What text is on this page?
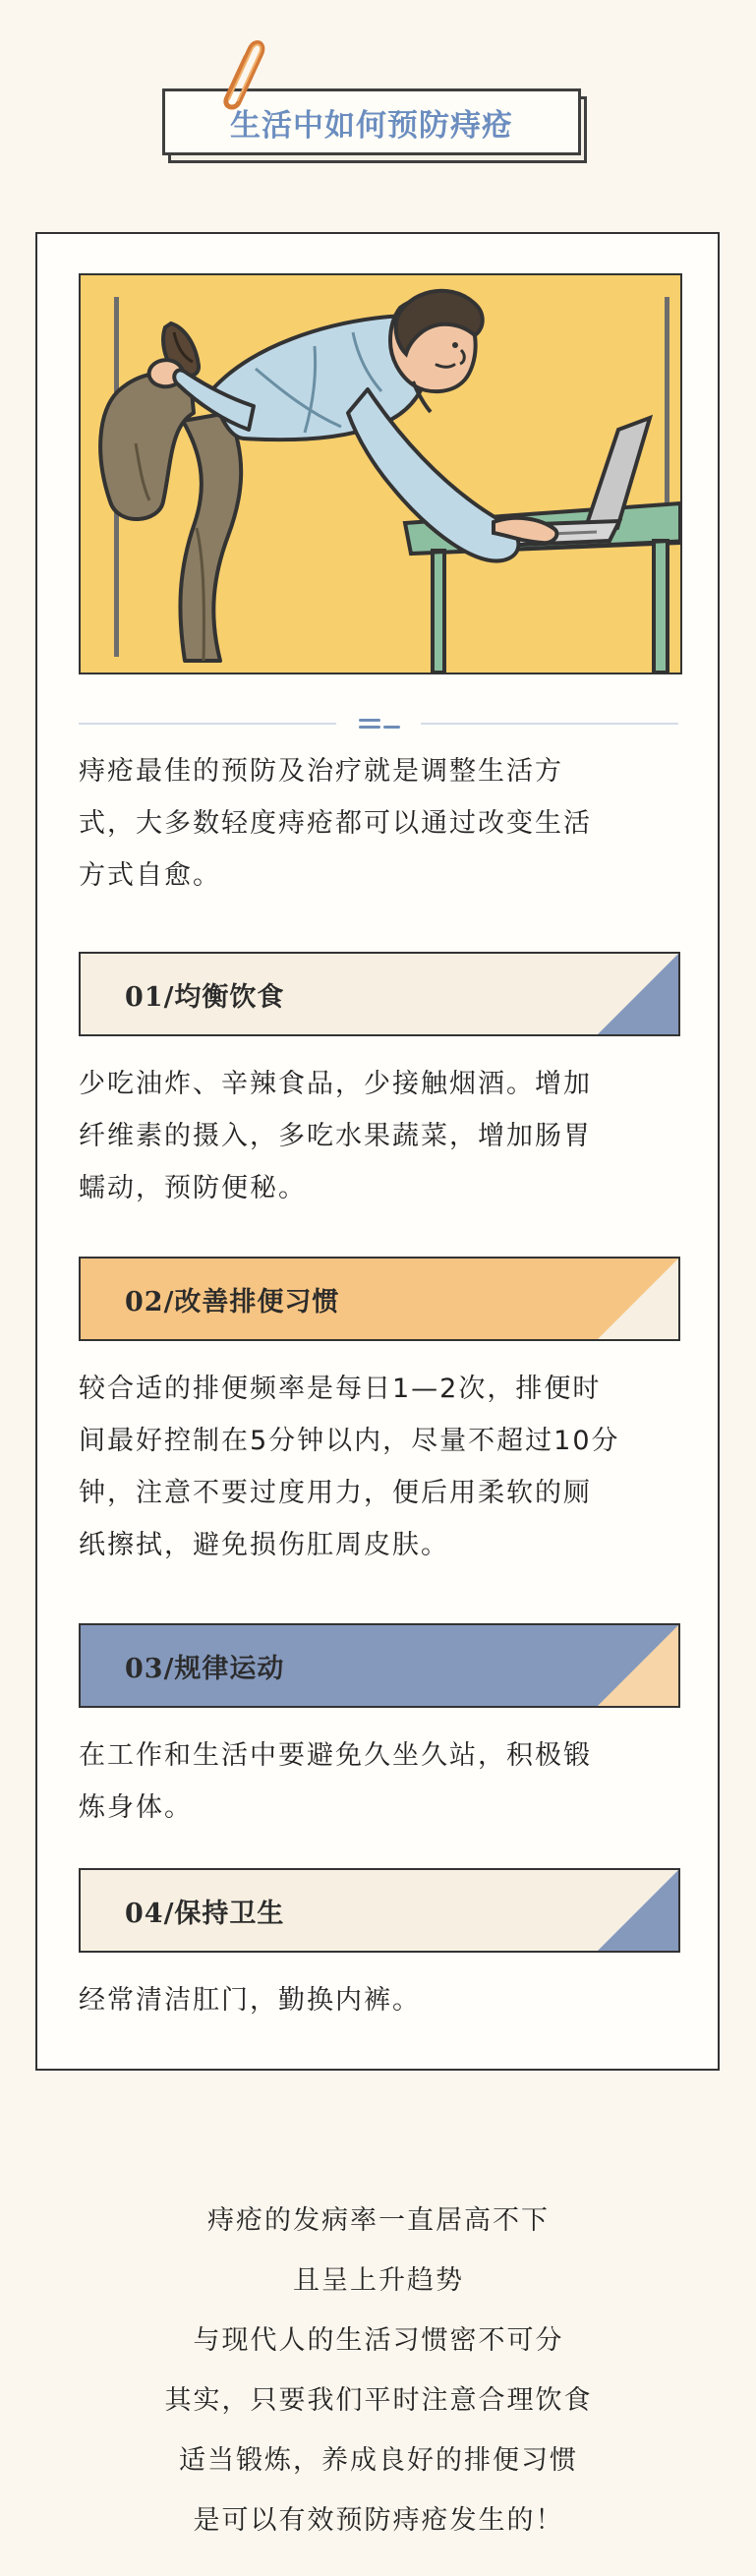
生活中如何预防痔疮
痔疮最佳的预防及治疗就是调整生活方
式，大多数轻度痔疮都可以通过改变生活
方式自愈。
01/均衡饮食
少吃油炸、辛辣食品，少接触烟酒。增加
纤维素的摄入，多吃水果蔬菜，增加肠胃
蠕动，预防便秘。
02/改善排便习惯
较合适的排便频率是每日1—2次，排便时
间最好控制在5分钟以内，尽量不超过10分
钟，注意不要过度用力，便后用柔软的厕
纸擦拭，避免损伤肛周皮肤。
03/规律运动
在工作和生活中要避免久坐久站，积极锻
炼身体。
04/保持卫生
经常清洁肛门，勤换内裤。
痔疮的发病率一直居高不下
且呈上升趋势
与现代人的生活习惯密不可分
其实，只要我们平时注意合理饮食
适当锻炼，养成良好的排便习惯
是可以有效预防痔疮发生的！
